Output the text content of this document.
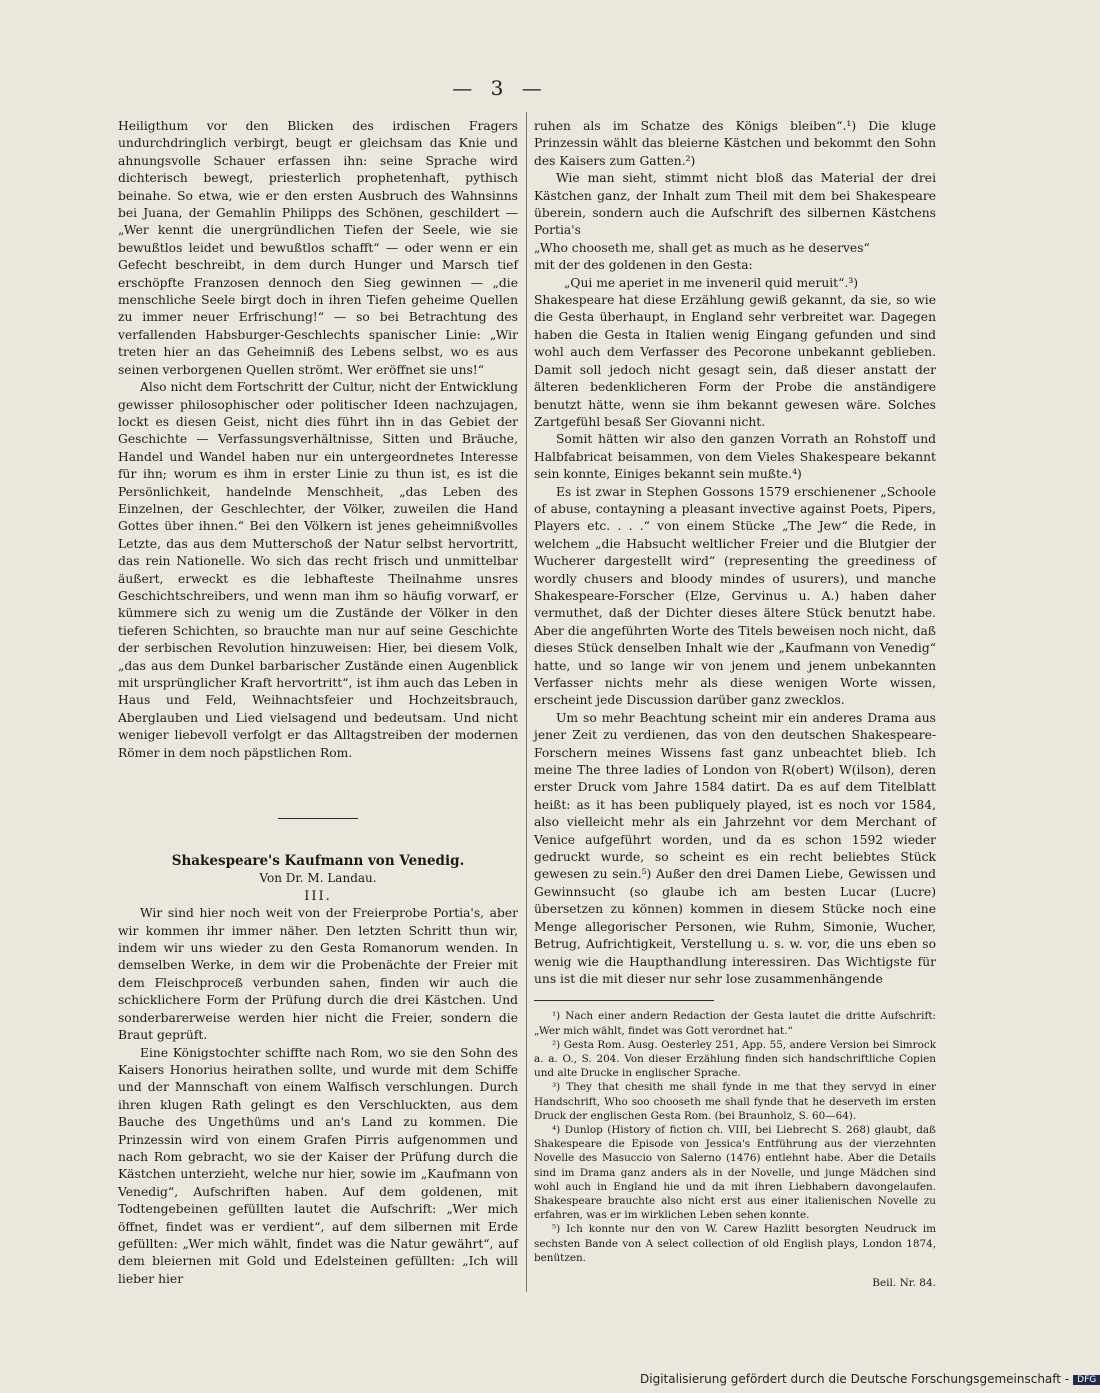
— 3 —

Heiligthum vor den Blicken des irdischen Fragers undurchdringlich verbirgt, beugt er gleichsam das Knie und ahnungsvolle Schauer erfassen ihn: seine Sprache wird dichterisch bewegt, priesterlich prophetenhaft, pythisch beinahe. So etwa, wie er den ersten Ausbruch des Wahnsinns bei Juana, der Gemahlin Philipps des Schönen, geschildert — „Wer kennt die unergründlichen Tiefen der Seele, wie sie bewußtlos leidet und bewußtlos schafft“ — oder wenn er ein Gefecht beschreibt, in dem durch Hunger und Marsch tief erschöpfte Franzosen dennoch den Sieg gewinnen — „die menschliche Seele birgt doch in ihren Tiefen geheime Quellen zu immer neuer Erfrischung!“ — so bei Betrachtung des verfallenden Habsburger-Geschlechts spanischer Linie: „Wir treten hier an das Geheimniß des Lebens selbst, wo es aus seinen verborgenen Quellen strömt. Wer eröffnet sie uns!“

Also nicht dem Fortschritt der Cultur, nicht der Entwicklung gewisser philosophischer oder politischer Ideen nachzujagen, lockt es diesen Geist, nicht dies führt ihn in das Gebiet der Geschichte — Verfassungsverhältnisse, Sitten und Bräuche, Handel und Wandel haben nur ein untergeordnetes Interesse für ihn; worum es ihm in erster Linie zu thun ist, es ist die Persönlichkeit, handelnde Menschheit, „das Leben des Einzelnen, der Geschlechter, der Völker, zuweilen die Hand Gottes über ihnen.“ Bei den Völkern ist jenes geheimnißvolles Letzte, das aus dem Mutterschoß der Natur selbst hervortritt, das rein Nationelle. Wo sich das recht frisch und unmittelbar äußert, erweckt es die lebhafteste Theilnahme unsres Geschichtschreibers, und wenn man ihm so häufig vorwarf, er kümmere sich zu wenig um die Zustände der Völker in den tieferen Schichten, so brauchte man nur auf seine Geschichte der serbischen Revolution hinzuweisen: Hier, bei diesem Volk, „das aus dem Dunkel barbarischer Zustände einen Augenblick mit ursprünglicher Kraft hervortritt“, ist ihm auch das Leben in Haus und Feld, Weihnachtsfeier und Hochzeitsbrauch, Aberglauben und Lied vielsagend und bedeutsam. Und nicht weniger liebevoll verfolgt er das Alltagstreiben der modernen Römer in dem noch päpstlichen Rom.

Shakespeare's Kaufmann von Venedig.

Von Dr. M. Landau.

III.

Wir sind hier noch weit von der Freierprobe Portia's, aber wir kommen ihr immer näher. Den letzten Schritt thun wir, indem wir uns wieder zu den Gesta Romanorum wenden. In demselben Werke, in dem wir die Probenächte der Freier mit dem Fleischproceß verbunden sahen, finden wir auch die schicklichere Form der Prüfung durch die drei Kästchen. Und sonderbarerweise werden hier nicht die Freier, sondern die Braut geprüft.

Eine Königstochter schiffte nach Rom, wo sie den Sohn des Kaisers Honorius heirathen sollte, und wurde mit dem Schiffe und der Mannschaft von einem Walfisch verschlungen. Durch ihren klugen Rath gelingt es den Verschluckten, aus dem Bauche des Ungethüms und an's Land zu kommen. Die Prinzessin wird von einem Grafen Pirris aufgenommen und nach Rom gebracht, wo sie der Kaiser der Prüfung durch die Kästchen unterzieht, welche nur hier, sowie im „Kaufmann von Venedig“, Aufschriften haben. Auf dem goldenen, mit Todtengebeinen gefüllten lautet die Aufschrift: „Wer mich öffnet, findet was er verdient“, auf dem silbernen mit Erde gefüllten: „Wer mich wählt, findet was die Natur gewährt“, auf dem bleiernen mit Gold und Edelsteinen gefüllten: „Ich will lieber hier

ruhen als im Schatze des Königs bleiben“.¹) Die kluge Prinzessin wählt das bleierne Kästchen und bekommt den Sohn des Kaisers zum Gatten.²)

Wie man sieht, stimmt nicht bloß das Material der drei Kästchen ganz, der Inhalt zum Theil mit dem bei Shakespeare überein, sondern auch die Aufschrift des silbernen Kästchens Portia's

„Who chooseth me, shall get as much as he deserves“

mit der des goldenen in den Gesta:

„Qui me aperiet in me inveneril quid meruit“.³)

Shakespeare hat diese Erzählung gewiß gekannt, da sie, so wie die Gesta überhaupt, in England sehr verbreitet war. Dagegen haben die Gesta in Italien wenig Eingang gefunden und sind wohl auch dem Verfasser des Pecorone unbekannt geblieben. Damit soll jedoch nicht gesagt sein, daß dieser anstatt der älteren bedenklicheren Form der Probe die anständigere benutzt hätte, wenn sie ihm bekannt gewesen wäre. Solches Zartgefühl besaß Ser Giovanni nicht.

Somit hätten wir also den ganzen Vorrath an Rohstoff und Halbfabricat beisammen, von dem Vieles Shakespeare bekannt sein konnte, Einiges bekannt sein mußte.⁴)

Es ist zwar in Stephen Gossons 1579 erschienener „Schoole of abuse, contayning a pleasant invective against Poets, Pipers, Players etc. . . .“ von einem Stücke „The Jew“ die Rede, in welchem „die Habsucht weltlicher Freier und die Blutgier der Wucherer dargestellt wird“ (representing the greediness of wordly chusers and bloody mindes of usurers), und manche Shakespeare-Forscher (Elze, Gervinus u. A.) haben daher vermuthet, daß der Dichter dieses ältere Stück benutzt habe. Aber die angeführten Worte des Titels beweisen noch nicht, daß dieses Stück denselben Inhalt wie der „Kaufmann von Venedig“ hatte, und so lange wir von jenem und jenem unbekannten Verfasser nichts mehr als diese wenigen Worte wissen, erscheint jede Discussion darüber ganz zwecklos.

Um so mehr Beachtung scheint mir ein anderes Drama aus jener Zeit zu verdienen, das von den deutschen Shakespeare-Forschern meines Wissens fast ganz unbeachtet blieb. Ich meine The three ladies of London von R(obert) W(ilson), deren erster Druck vom Jahre 1584 datirt. Da es auf dem Titelblatt heißt: as it has been publiquely played, ist es noch vor 1584, also vielleicht mehr als ein Jahrzehnt vor dem Merchant of Venice aufgeführt worden, und da es schon 1592 wieder gedruckt wurde, so scheint es ein recht beliebtes Stück gewesen zu sein.⁵) Außer den drei Damen Liebe, Gewissen und Gewinnsucht (so glaube ich am besten Lucar (Lucre) übersetzen zu können) kommen in diesem Stücke noch eine Menge allegorischer Personen, wie Ruhm, Simonie, Wucher, Betrug, Aufrichtigkeit, Verstellung u. s. w. vor, die uns eben so wenig wie die Haupthandlung interessiren. Das Wichtigste für uns ist die mit dieser nur sehr lose zusammenhängende

¹) Nach einer andern Redaction der Gesta lautet die dritte Aufschrift: „Wer mich wählt, findet was Gott verordnet hat.“

²) Gesta Rom. Ausg. Oesterley 251, App. 55, andere Version bei Simrock a. a. O., S. 204. Von dieser Erzählung finden sich handschriftliche Copien und alte Drucke in englischer Sprache.

³) They that chesith me shall fynde in me that they servyd in einer Handschrift, Who soo chooseth me shall fynde that he deserveth im ersten Druck der englischen Gesta Rom. (bei Braunholz, S. 60—64).

⁴) Dunlop (History of fiction ch. VIII, bei Liebrecht S. 268) glaubt, daß Shakespeare die Episode von Jessica's Entführung aus der vierzehnten Novelle des Masuccio von Salerno (1476) entlehnt habe. Aber die Details sind im Drama ganz anders als in der Novelle, und junge Mädchen sind wohl auch in England hie und da mit ihren Liebhabern davongelaufen. Shakespeare brauchte also nicht erst aus einer italienischen Novelle zu erfahren, was er im wirklichen Leben sehen konnte.

⁵) Ich konnte nur den von W. Carew Hazlitt besorgten Neudruck im sechsten Bande von A select collection of old English plays, London 1874, benützen.

Beil. Nr. 84.
Digitalisierung gefördert durch die Deutsche Forschungsgemeinschaft - DFG
